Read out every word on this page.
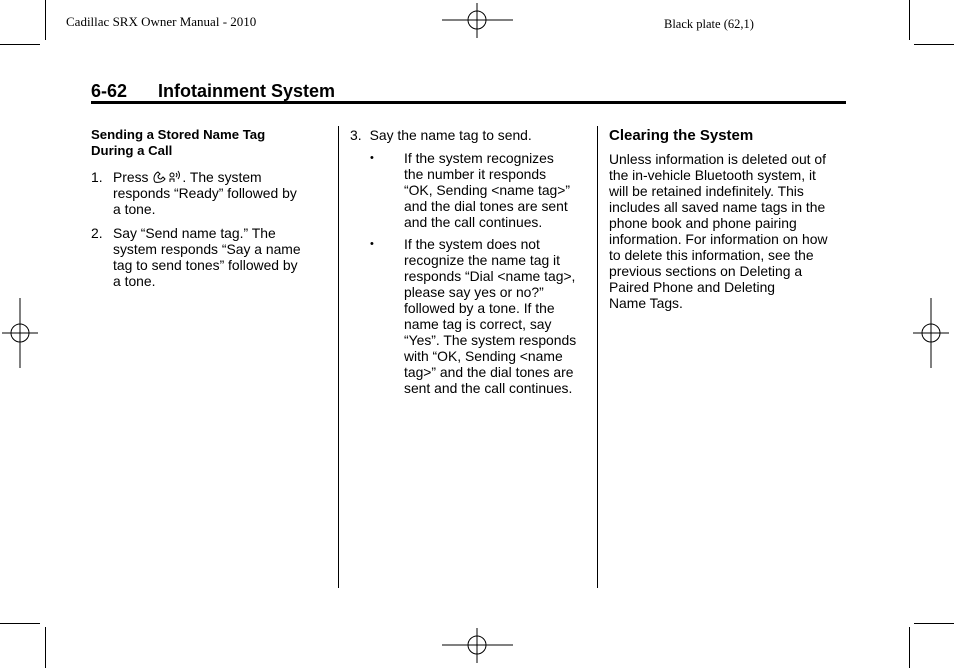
Cadillac SRX Owner Manual - 2010	Black plate (62,1)
6-62 Infotainment System
Sending a Stored Name Tag
During a Call
1. Press
. The system
responds “Ready” followed by
a tone.
2. Say “Send name tag.” The
system responds “Say a name
tag to send tones” followed by
a tone.
3. Say the name tag to send.
• If the system recognizes
the number it responds
“OK, Sending <name tag>”
and the dial tones are sent
and the call continues.
• If the system does not
recognize the name tag it
responds “Dial <name tag>,
please say yes or no?”
followed by a tone. If the
name tag is correct, say
“Yes”. The system responds
with “OK, Sending <name
tag>” and the dial tones are
sent and the call continues.
Clearing the System
Unless information is deleted out of
the in-vehicle Bluetooth system, it
will be retained indefinitely. This
includes all saved name tags in the
phone book and phone pairing
information. For information on how
to delete this information, see the
previous sections on Deleting a
Paired Phone and Deleting
Name Tags.
